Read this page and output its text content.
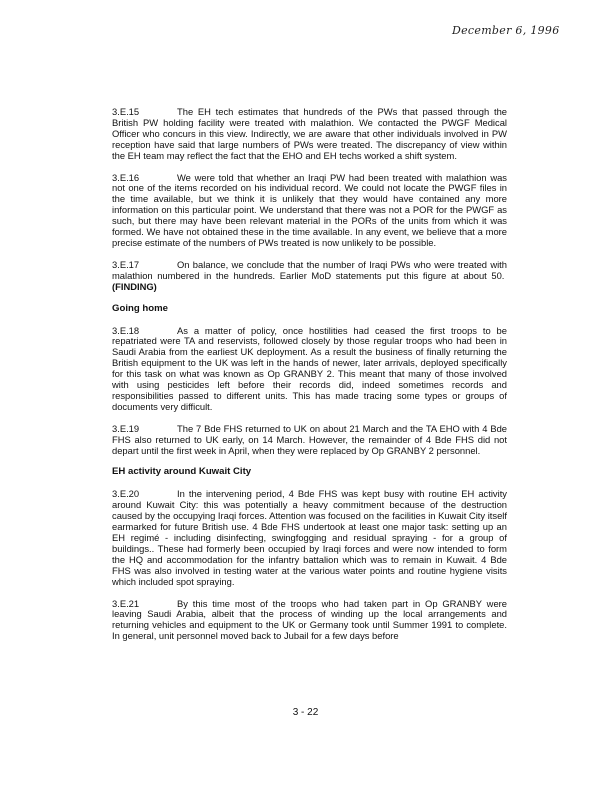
December 6, 1996

3.E.15	The EH tech estimates that hundreds of the PWs that passed through the British PW holding facility were treated with malathion. We contacted the PWGF Medical Officer who concurs in this view. Indirectly, we are aware that other individuals involved in PW reception have said that large numbers of PWs were treated. The discrepancy of view within the EH team may reflect the fact that the EHO and EH techs worked a shift system.

3.E.16	We were told that whether an Iraqi PW had been treated with malathion was not one of the items recorded on his individual record. We could not locate the PWGF files in the time available, but we think it is unlikely that they would have contained any more information on this particular point. We understand that there was not a POR for the PWGF as such, but there may have been relevant material in the PORs of the units from which it was formed. We have not obtained these in the time available. In any event, we believe that a more precise estimate of the numbers of PWs treated is now unlikely to be possible.

3.E.17	On balance, we conclude that the number of Iraqi PWs who were treated with malathion numbered in the hundreds. Earlier MoD statements put this figure at about 50.  (FINDING)

Going home

3.E.18	As a matter of policy, once hostilities had ceased the first troops to be repatriated were TA and reservists, followed closely by those regular troops who had been in Saudi Arabia from the earliest UK deployment. As a result the business of finally returning the British equipment to the UK was left in the hands of newer, later arrivals, deployed specifically for this task on what was known as Op GRANBY 2. This meant that many of those involved with using pesticides left before their records did, indeed sometimes records and responsibilities passed to different units. This has made tracing some types or groups of documents very difficult.

3.E.19	The 7 Bde FHS returned to UK on about 21 March and the TA EHO with 4 Bde FHS also returned to UK early, on 14 March. However, the remainder of 4 Bde FHS did not depart until the first week in April, when they were replaced by Op GRANBY 2 personnel.

EH activity around Kuwait City

3.E.20	In the intervening period, 4 Bde FHS was kept busy with routine EH activity around Kuwait City: this was potentially a heavy commitment because of the destruction caused by the occupying Iraqi forces. Attention was focused on the facilities in Kuwait City itself earmarked for future British use. 4 Bde FHS undertook at least one major task: setting up an EH regimé - including disinfecting, swingfogging and residual spraying - for a group of buildings.. These had formerly been occupied by Iraqi forces and were now intended to form the HQ and accommodation for the infantry battalion which was to remain in Kuwait. 4 Bde FHS was also involved in testing water at the various water points and routine hygiene visits which included spot spraying.

3.E.21	By this time most of the troops who had taken part in Op GRANBY were leaving Saudi Arabia, albeit that the process of winding up the local arrangements and returning vehicles and equipment to the UK or Germany took until Summer 1991 to complete. In general, unit personnel moved back to Jubail for a few days before

3 - 22
